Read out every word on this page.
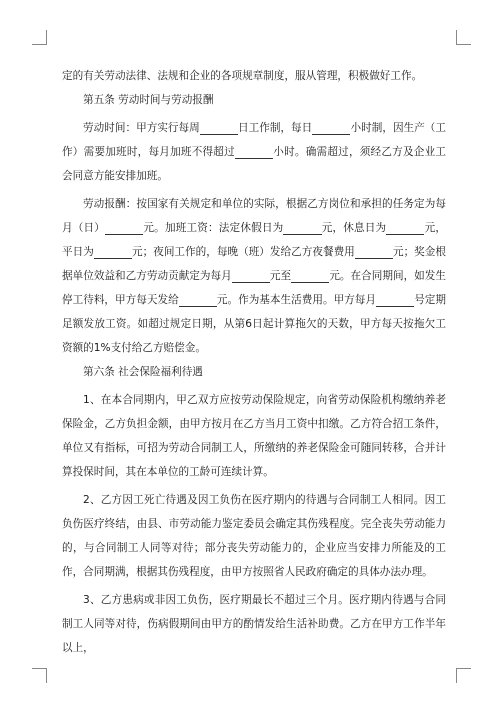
定的有关劳动法律、法规和企业的各项规章制度，服从管理，积极做好工作。

第五条 劳动时间与劳动报酬

劳动时间：甲方实行每周	日工作制，每日	小时制，因生产（工作）需要加班时，每月加班不得超过	小时。确需超过，须经乙方及企业工会同意方能安排加班。

劳动报酬：按国家有关规定和单位的实际，根据乙方岗位和承担的任务定为每月（日）	元。加班工资：法定休假日为	元，休息日为	元，平日为	元；夜间工作的，每晚（班）发给乙方夜餐费用	元；奖金根据单位效益和乙方劳动贡献定为每月	元至	元。在合同期间，如发生停工待料，甲方每天发给	元。作为基本生活费用。甲方每月	号定期足额发放工资。如超过规定日期，从第6日起计算拖欠的天数，甲方每天按拖欠工资额的1%支付给乙方赔偿金。

第六条 社会保险福利待遇

1、在本合同期内，甲乙双方应按劳动保险规定，向省劳动保险机构缴纳养老保险金，乙方负担金额，由甲方按月在乙方当月工资中扣缴。乙方符合招工条件，单位又有指标，可招为劳动合同制工人，所缴纳的养老保险金可随同转移，合并计算投保时间，其在本单位的工龄可连续计算。

2、乙方因工死亡待遇及因工负伤在医疗期内的待遇与合同制工人相同。因工负伤医疗终结，由县、市劳动能力鉴定委员会确定其伤残程度。完全丧失劳动能力的，与合同制工人同等对待；部分丧失劳动能力的，企业应当安排力所能及的工作，合同期满，根据其伤残程度，由甲方按照省人民政府确定的具体办法办理。

3、乙方患病或非因工负伤，医疗期最长不超过三个月。医疗期内待遇与合同制工人同等对待，伤病假期间由甲方的酌情发给生活补助费。乙方在甲方工作半年以上，
